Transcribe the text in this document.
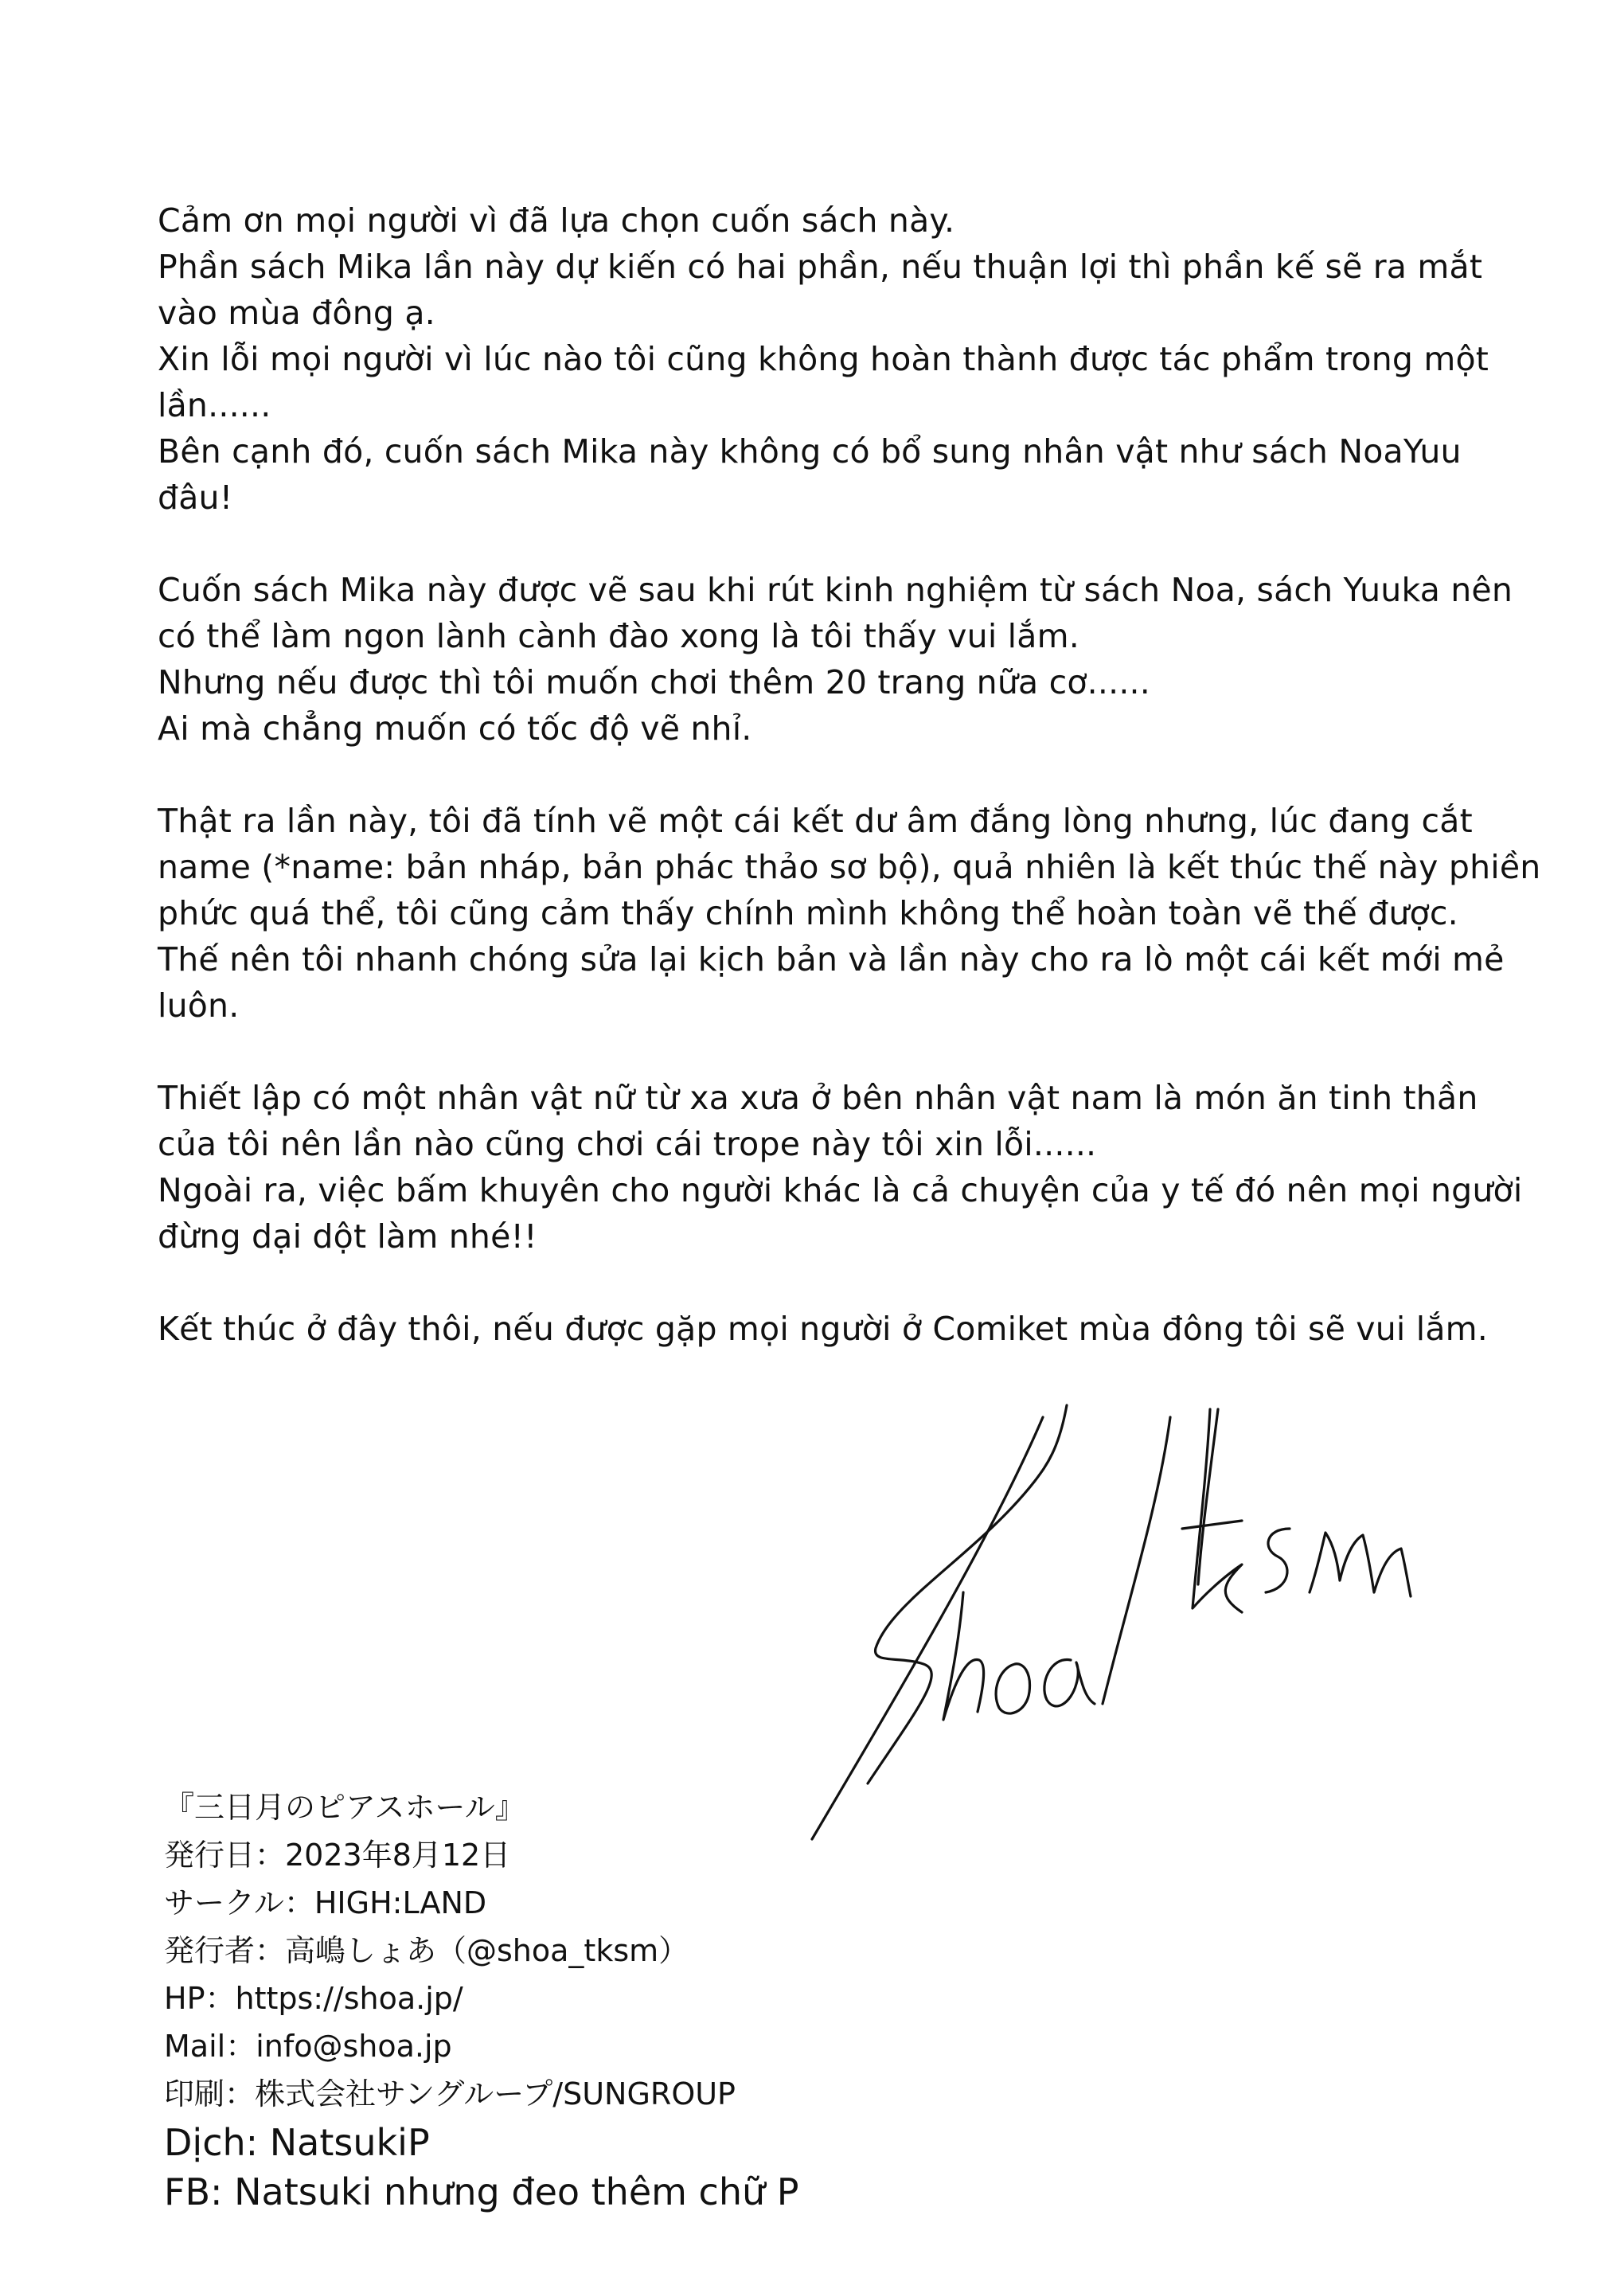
Cảm ơn mọi người vì đã lựa chọn cuốn sách này.
Phần sách Mika lần này dự kiến có hai phần, nếu thuận lợi thì phần kế sẽ ra mắt
vào mùa đông ạ.
Xin lỗi mọi người vì lúc nào tôi cũng không hoàn thành được tác phẩm trong một
lần......
Bên cạnh đó, cuốn sách Mika này không có bổ sung nhân vật như sách NoaYuu
đâu!
Cuốn sách Mika này được vẽ sau khi rút kinh nghiệm từ sách Noa, sách Yuuka nên
có thể làm ngon lành cành đào xong là tôi thấy vui lắm.
Nhưng nếu được thì tôi muốn chơi thêm 20 trang nữa cơ......
Ai mà chẳng muốn có tốc độ vẽ nhỉ.
Thật ra lần này, tôi đã tính vẽ một cái kết dư âm đắng lòng nhưng, lúc đang cắt
name (*name: bản nháp, bản phác thảo sơ bộ), quả nhiên là kết thúc thế này phiền
phức quá thể, tôi cũng cảm thấy chính mình không thể hoàn toàn vẽ thế được.
Thế nên tôi nhanh chóng sửa lại kịch bản và lần này cho ra lò một cái kết mới mẻ
luôn.
Thiết lập có một nhân vật nữ từ xa xưa ở bên nhân vật nam là món ăn tinh thần
của tôi nên lần nào cũng chơi cái trope này tôi xin lỗi......
Ngoài ra, việc bấm khuyên cho người khác là cả chuyện của y tế đó nên mọi người
đừng dại dột làm nhé!!
Kết thúc ở đây thôi, nếu được gặp mọi người ở Comiket mùa đông tôi sẽ vui lắm.
『三日月のピアスホール』
発行日：2023年8月12日
サークル：HIGH:LAND
発行者：高嶋しょあ（@shoa_tksm）
HP：https://shoa.jp/
Mail：info@shoa.jp
印刷：株式会社サングループ/SUNGROUP
Dịch: NatsukiP
FB: Natsuki nhưng đeo thêm chữ P
